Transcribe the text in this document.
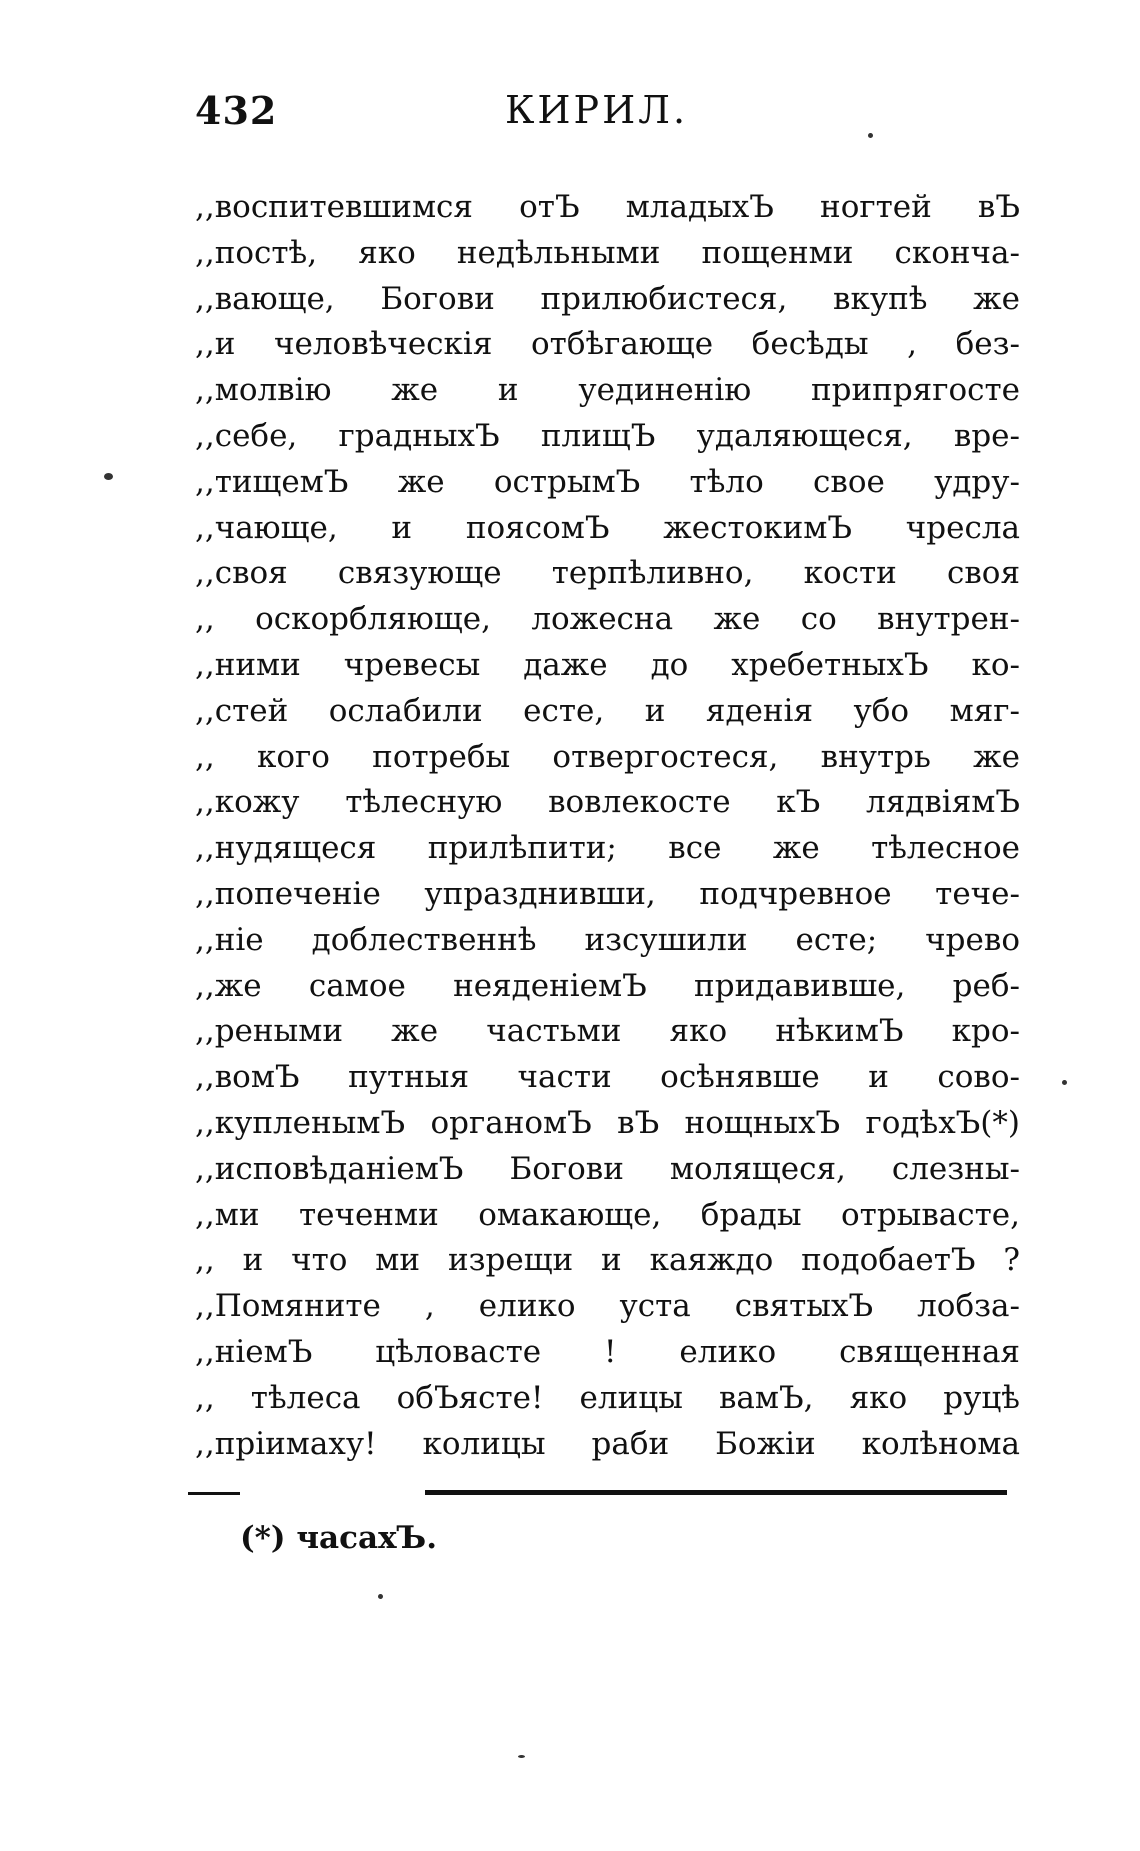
432	КИРИЛ.
,,воспитевшимся отЪ младыхЪ ногтей вЪ
,,постѣ, яко недѣльными пощенми сконча-
,,вающе, Богови прилюбистеся, вкупѣ же
,,и человѣческія отбѣгающе бесѣды , без-
,,молвію же и уединенію припрягосте
,,себе, градныхЪ плищЪ удаляющеся, вре-
,,тищемЪ же острымЪ тѣло свое удру-
,,чающе, и поясомЪ жестокимЪ чресла
,,своя связующе терпѣливно, кости своя
,, оскорбляюще, ложесна же со внутрен-
,,ними чревесы даже до хребетныхЪ ко-
,,стей ослабили есте, и яденія убо мяг-
,, кого потребы отвергостеся, внутрь же
,,кожу тѣлесную вовлекосте кЪ лядвіямЪ
,,нудящеся прилѣпити; все же тѣлесное
,,попеченіе упразднивши, подчревное тече-
,,ніе доблественнѣ изсушили есте; чрево
,,же самое неяденіемЪ придавивше, реб-
,,реными же частьми яко нѣкимЪ кро-
,,вомЪ путныя части осѣнявше и сово-
,,купленымЪ органомЪ вЪ нощныхЪ годѣхЪ(*)
,,исповѣданіемЪ Богови молящеся, слезны-
,,ми теченми омакающе, брады отрывасте,
,, и что ми изрещи и каяждо подобаетЪ ?
,,Помяните , елико уста святыхЪ лобза-
,,ніемЪ цѣловасте ! елико священная
,, тѣлеса обЪясте! елицы вамЪ, яко руцѣ
,,пріимаху! колицы раби Божіи колѣнома
(*) часахЪ.
